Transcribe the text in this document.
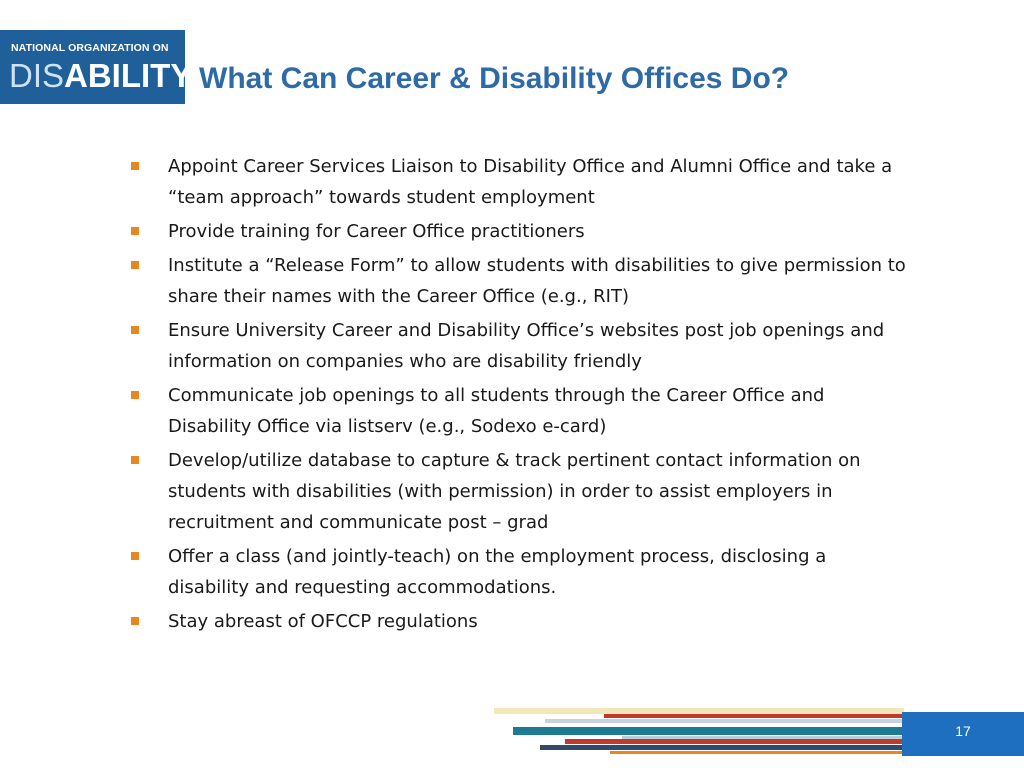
NATIONAL ORGANIZATION ON
DISABILITY What Can Career & Disability Offices Do?
Appoint Career Services Liaison to Disability Office and Alumni Office and take a “team approach” towards student employment
Provide training for Career Office practitioners
Institute a “Release Form” to allow students with disabilities to give permission to share their names with the Career Office (e.g., RIT)
Ensure University Career and Disability Office’s websites post job openings and information on companies who are disability friendly
Communicate job openings to all students through the Career Office and Disability Office via listserv (e.g., Sodexo e-card)
Develop/utilize database to capture & track pertinent contact information on students with disabilities (with permission) in order to assist employers in recruitment and communicate post – grad
Offer a class (and jointly-teach) on the employment process, disclosing a disability and requesting accommodations.
Stay abreast of OFCCP regulations
17
